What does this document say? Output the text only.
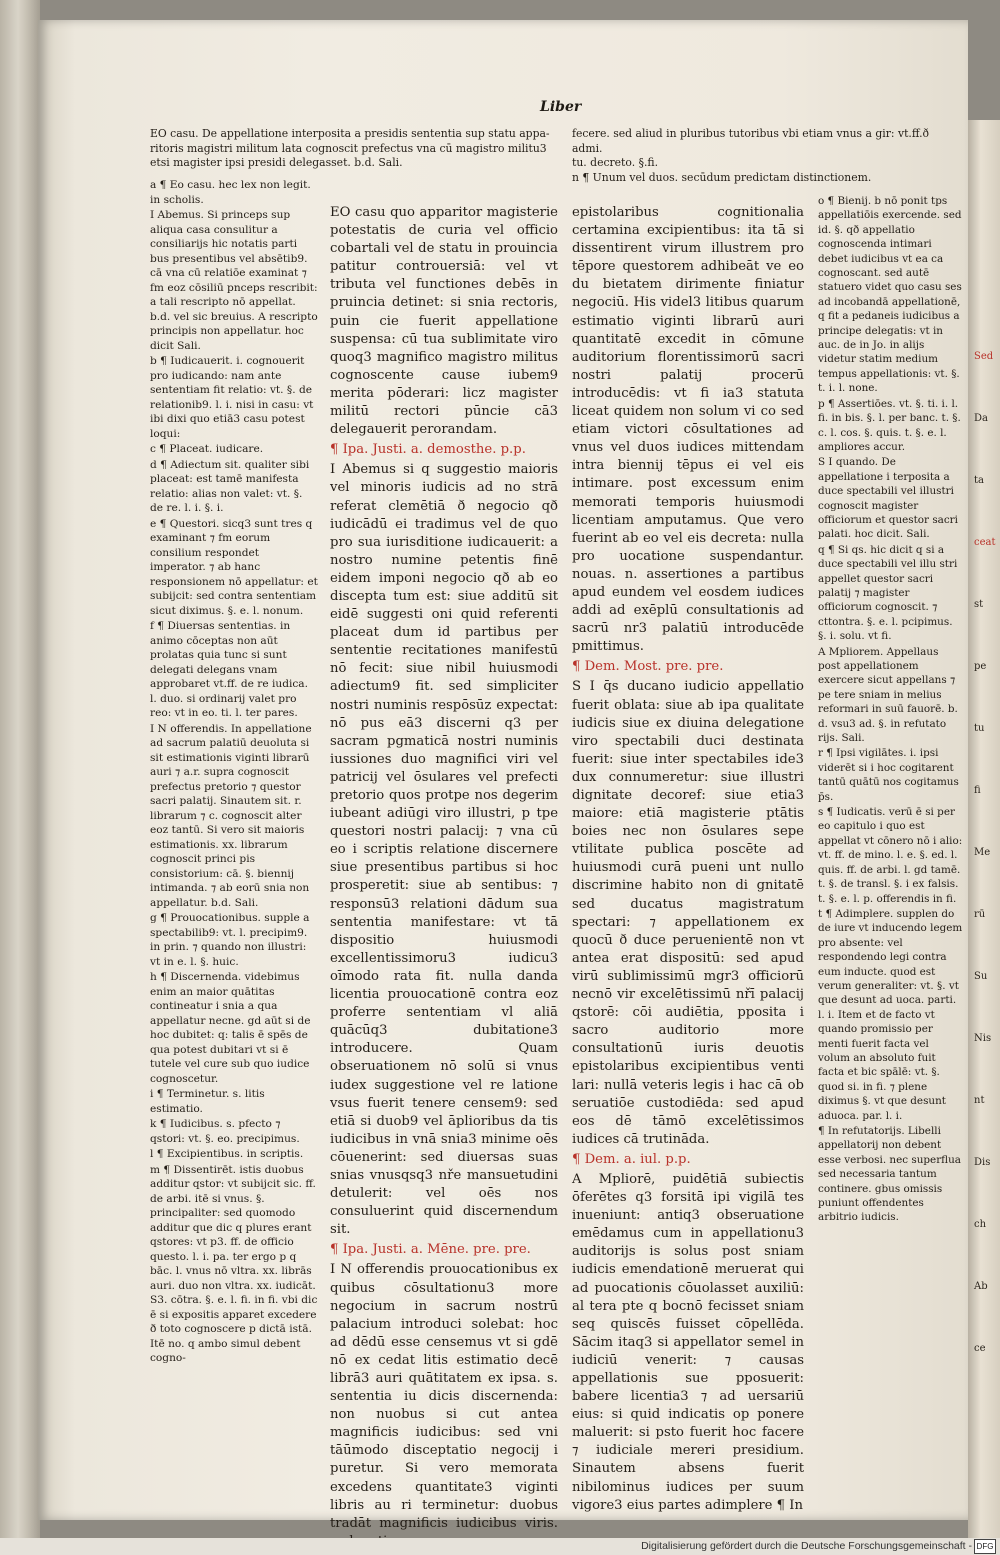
Sed
Da
ta
ceat
st
pe
tu
fi
Me
rū
Su
Nis
nt
Dis
ch
Ab
ce
Liber
EO casu. De appellatione interposita a presidis sententia sup statu appa-
ritoris magistri militum lata cognoscit prefectus vna cū magistro militu3
etsi magister ipsi presidi delegasset. b.d. Sali.
fecere. sed aliud in pluribus tutoribus vbi etiam vnus a gir: vt.ff.ð admi.
tu. decreto. §.fi.
n ¶ Unum vel duos. secūdum predictam distinctionem.

a ¶ Eo casu. hec lex non legit. in scholis.

I Abemus. Si princeps sup aliqua casa consulitur a consiliarijs hic notatis parti bus presentibus vel absētib9. cā vna cū relatiōe examinat ⁊ fm eoz cōsiliū pnceps rescribit: a tali rescripto nō appellat. b.d. vel sic breuius. A rescripto principis non appellatur. hoc dicit Sali.

b ¶ Iudicauerit. i. cognouerit pro iudicando: nam ante sententiam fit relatio: vt. §. de relationib9. l. i. nisi in casu: vt ibi dixi quo etiā3 casu potest loqui:

c ¶ Placeat. iudicare.

d ¶ Adiectum sit. qualiter sibi placeat: est tamē manifesta relatio: alias non valet: vt. §. de re. l. i. §. i.

e ¶ Questori. sicq3 sunt tres q examinant ⁊ fm eorum consilium respondet imperator. ⁊ ab hanc responsionem nō appellatur: et subijcit: sed contra sententiam sicut diximus. §. e. l. nonum.

f ¶ Diuersas sententias. in animo cōceptas non aūt prolatas quia tunc si sunt delegati delegans vnam approbaret vt.ff. de re iudica. l. duo. si ordinarij valet pro reo: vt in eo. ti. l. ter pares.

I N offerendis. In appellatione ad sacrum palatiū deuoluta si sit estimationis viginti librarū auri ⁊ a.r. supra cognoscit prefectus pretorio ⁊ questor sacri palatij. Sinautem sit. r. librarum ⁊ c. cognoscit alter eoz tantū. Si vero sit maioris estimationis. xx. librarum cognoscit princi pis consistorium: cā. §. biennij intimanda. ⁊ ab eorū snia non appellatur. b.d. Sali.

g ¶ Prouocationibus. supple a spectabilib9: vt. l. precipim9. in prin. ⁊ quando non illustri: vt in e. l. §. huic.

h ¶ Discernenda. videbimus enim an maior quātitas contineatur i snia a qua appellatur necne. gd aūt si de hoc dubitet: q: talis ē spēs de qua potest dubitari vt si ē tutele vel cure sub quo iudice cognoscetur.

i ¶ Terminetur. s. litis estimatio.

k ¶ Iudicibus. s. pfecto ⁊ qstori: vt. §. eo. precipimus.

l ¶ Excipientibus. in scriptis.

m ¶ Dissentirēt. istis duobus additur qstor: vt subijcit sic. ff. de arbi. itē si vnus. §. principaliter: sed quomodo additur que dic q plures erant qstores: vt p3. ff. de officio questo. l. i. pa. ter ergo p q bāc. l. vnus nō vltra. xx. librās auri. duo non vltra. xx. iudicāt. S3. cōtra. §. e. l. fi. in fi. vbi dic ē si expositis apparet excedere ð toto cognoscere p dictā istā. Itē no. q ambo simul debent cogno-

EO casu quo apparitor magisterie potestatis de curia vel officio cobartali vel de statu in prouincia patitur controuersiā: vel vt tributa vel functiones debēs in pruincia detinet: si snia rectoris, puin cie fuerit appellatione suspensa: cū tua sublimitate viro quoq3 magnifico magistro militus cognoscente cause iubem9 merita pōderari: licz magister militū rectori pūncie cā3 delegauerit perorandam.

¶ Ipa. Justi. a. demosthe. p.p.

I Abemus si q suggestio maioris vel minoris iudicis ad no strā referat clemētiā ð negocio qð iudicādū ei tradimus vel de quo pro sua iurisditione iudicauerit: a nostro numine petentis finē eidem imponi negocio qð ab eo discepta tum est: siue additū sit eidē suggesti oni quid referenti placeat dum id partibus per sententie recitationes manifestū nō fecit: siue nibil huiusmodi adiectum9 fit. sed simpliciter nostri numinis respōsūz expectat: nō pus eā3 discerni q3 per sacram pgmaticā nostri numinis iussiones duo magnifici viri vel patricij vel ōsulares vel prefecti pretorio quos protpe nos degerim iubeant adiūgi viro illustri, p tpe questori nostri palacij: ⁊ vna cū eo i scriptis relatione discernere siue presentibus partibus si hoc prosperetit: siue ab sentibus: ⁊ responsū3 relationi dādum sua sententia manifestare: vt tā dispositio huiusmodi excellentissimoru3 iudicu3 oīmodo rata fit. nulla danda licentia prouocationē contra eoz proferre sententiam vl aliā quācūq3 dubitatione3 introducere. Quam obseruationem nō solū si vnus iudex suggestione vel re latione vsus fuerit tenere censem9: sed etiā si duob9 vel āplioribus da tis iudicibus in vnā snia3 minime oēs cōuenerint: sed diuersas suas snias vnusqsq3 nře mansuetudini detulerit: vel oēs nos consuluerint quid discernendum sit.

¶ Ipa. Justi. a. Mēne. pre. pre.

I N offerendis prouocationibus ex quibus cōsultationu3 more negocium in sacrum nostrū palacium introduci solebat: hoc ad dēdū esse censemus vt si gdē nō ex cedat litis estimatio decē librā3 auri quātitatem ex ipsa. s. sententia iu dicis discernenda: non nuobus si cut antea magnificis iudicibus: sed vni tāūmodo disceptatio negocij i puretur. Si vero memorata excedens quantitate3 viginti libris au ri terminetur: duobus tradāt magnificis iudicibus viris.

epistolaribus cognitionalia certamina excipientibus: ita tā si dissentirent virum illustrem pro tēpore questorem adhibeāt ve eo du bietatem dirimente finiatur negociū. His videl3 litibus quarum estimatio viginti librarū auri quantitatē excedit in cōmune auditorium florentissimorū sacri nostri palatij procerū introducēdis: vt fi ia3 statuta liceat quidem non solum vi co sed etiam victori cōsultationes ad vnus vel duos iudices mittendam intra biennij tēpus ei vel eis intimare. post excessum enim memorati temporis huiusmodi licentiam amputamus. Que vero fuerint ab eo vel eis decreta: nulla pro uocatione suspendantur. nouas. n. assertiones a partibus apud eundem vel eosdem iudices addi ad exēplū consultationis ad sacrū nr3 palatiū introducēde pmittimus.

¶ Dem. Most. pre. pre.

S I q̄s ducano iudicio appellatio fuerit oblata: siue ab ipa qualitate iudicis siue ex diuina delegatione viro spectabili duci destinata fuerit: siue inter spectabiles ide3 dux connumeretur: siue illustri dignitate decoref: siue etia3 maiore: etiā magisterie ptātis boies nec non ōsulares sepe vtilitate publica poscēte ad huiusmodi curā pueni unt nullo discrimine habito non di gnitatē sed ducatus magistratum spectari: ⁊ appellationem ex quocū ð duce peruenientē non vt antea erat dispositū: sed apud virū sublimissimū mgr3 officiorū necnō vir excelētissimū nřī palacij qstorē: cōi audiētia, pposita i sacro auditorio more consultationū iuris deuotis epistolaribus excipientibus venti lari: nullā veteris legis i hac cā ob seruatiōe custodiēda: sed apud eos dē tāmō excelētissimos iudices cā trutināda.

¶ Dem. a. iul. p.p.

A Mpliorē, puidētiā subiectis ōferētes q3 forsitā ipi vigilā tes inueniunt: antiq3 obseruatione emēdamus cum in appellationu3 auditorijs is solus post sniam iudicis emendationē meruerat qui ad puocationis cōuolasset auxiliū: al tera pte q bocnō fecisset sniam seq quiscēs fuisset cōpellēda. Sācim itaq3 si appellator semel in iudiciū venerit: ⁊ causas appellationis sue pposuerit: babere licentia3 ⁊ ad uersariū eius: si quid indicatis op ponere maluerit: si psto fuerit hoc facere ⁊ iudiciale mereri presidium. Sinautem absens fuerit nibilominus iudices per suum vigore3 eius partes adimplere ¶ In

o ¶ Bienij. b nō ponit tps appellatiōis exercende. sed id. §. qð appellatio cognoscenda intimari debet iudicibus vt ea ca cognoscant. sed autē statuero videt quo casu ses ad incobandā appellationē, q fit a pedaneis iudicibus a principe delegatis: vt in auc. de in Jo. in alijs videtur statim medium tempus appellationis: vt. §. t. i. l. none.

p ¶ Assertiōes. vt. §. ti. i. l. fi. in bis. §. l. per banc. t. §. c. l. cos. §. quis. t. §. e. l. ampliores accur.

S I quando. De appellatione i terposita a duce spectabili vel illustri cognoscit magister officiorum et questor sacri palati. hoc dicit. Sali.

q ¶ Si qs. hic dicit q si a duce spectabili vel illu stri appellet questor sacri palatij ⁊ magister officiorum cognoscit. ⁊ cttontra. §. e. l. pcipimus. §. i. solu. vt fi.

A Mpliorem. Appellaus post appellationem exercere sicut appellans ⁊ pe tere sniam in melius reformari in suū fauorē. b. d. vsu3 ad. §. in refutato rijs. Sali.

r ¶ Ipsi vigilātes. i. ipsi viderēt si i hoc cogitarent tantū quātū nos cogitamus p̄s.

s ¶ Iudicatis. verū ē si per eo capitulo i quo est appellat vt cōnero nō i alio: vt. ff. de mino. l. e. §. ed. l. quis. ff. de arbi. l. gd tamē. t. §. de transl. §. i ex falsis. t. §. e. l. p. offerendis in fi.

t ¶ Adimplere. supplen do de iure vt inducendo legem pro absente: vel respondendo legi contra eum inducte. quod est verum generaliter: vt. §. vt que desunt ad uoca. parti. l. i. Item et de facto vt quando promissio per menti fuerit facta vel volum an absoluto fuit facta et bic spālē: vt. §. quod si. in fi. ⁊ plene diximus §. vt que desunt aduoca. par. l. i.

¶ In refutatorijs. Libelli appellatorij non debent esse verbosi. nec superflua sed necessaria tantum continere. gbus omissis puniunt offendentes arbitrio iudicis.

Digitalisierung gefördert durch die Deutsche Forschungsgemeinschaft - DFG
